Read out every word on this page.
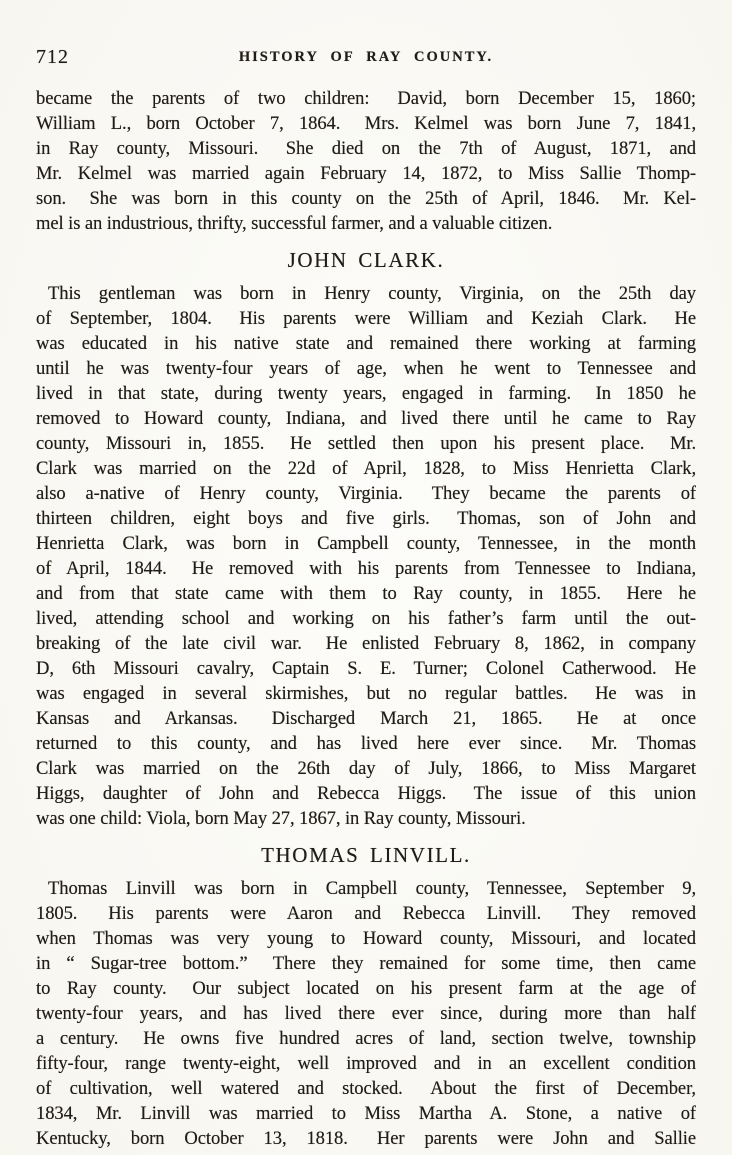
712	HISTORY OF RAY COUNTY.
became the parents of two children:  David, born December 15, 1860;
William L., born October 7, 1864.  Mrs. Kelmel was born June 7, 1841,
in Ray county, Missouri.  She died on the 7th of August, 1871, and
Mr. Kelmel was married again February 14, 1872, to Miss Sallie Thomp-
son.  She was born in this county on the 25th of April, 1846.  Mr. Kel-
mel is an industrious, thrifty, successful farmer, and a valuable citizen.
JOHN CLARK.
This gentleman was born in Henry county, Virginia, on the 25th day
of September, 1804.  His parents were William and Keziah Clark.  He
was educated in his native state and remained there working at farming
until he was twenty-four years of age, when he went to Tennessee and
lived in that state, during twenty years, engaged in farming.  In 1850 he
removed to Howard county, Indiana, and lived there until he came to Ray
county, Missouri in, 1855.  He settled then upon his present place.  Mr.
Clark was married on the 22d of April, 1828, to Miss Henrietta Clark,
also a-native of Henry county, Virginia.  They became the parents of
thirteen children, eight boys and five girls.  Thomas, son of John and
Henrietta Clark, was born in Campbell county, Tennessee, in the month
of April, 1844.  He removed with his parents from Tennessee to Indiana,
and from that state came with them to Ray county, in 1855.  Here he
lived, attending school and working on his father’s farm until the out-
breaking of the late civil war.  He enlisted February 8, 1862, in company
D, 6th Missouri cavalry, Captain S. E. Turner; Colonel Catherwood. He
was engaged in several skirmishes, but no regular battles.  He was in
Kansas and Arkansas.  Discharged March 21, 1865.  He at once
returned to this county, and has lived here ever since.  Mr. Thomas
Clark was married on the 26th day of July, 1866, to Miss Margaret
Higgs, daughter of John and Rebecca Higgs.  The issue of this union
was one child: Viola, born May 27, 1867, in Ray county, Missouri.
THOMAS LINVILL.
Thomas Linvill was born in Campbell county, Tennessee, September 9,
1805.  His parents were Aaron and Rebecca Linvill.  They removed
when Thomas was very young to Howard county, Missouri, and located
in “ Sugar-tree bottom.”  There they remained for some time, then came
to Ray county.  Our subject located on his present farm at the age of
twenty-four years, and has lived there ever since, during more than half
a century.  He owns five hundred acres of land, section twelve, township
fifty-four, range twenty-eight, well improved and in an excellent condition
of cultivation, well watered and stocked.  About the first of December,
1834, Mr. Linvill was married to Miss Martha A. Stone, a native of
Kentucky, born October 13, 1818.  Her parents were John and Sallie
